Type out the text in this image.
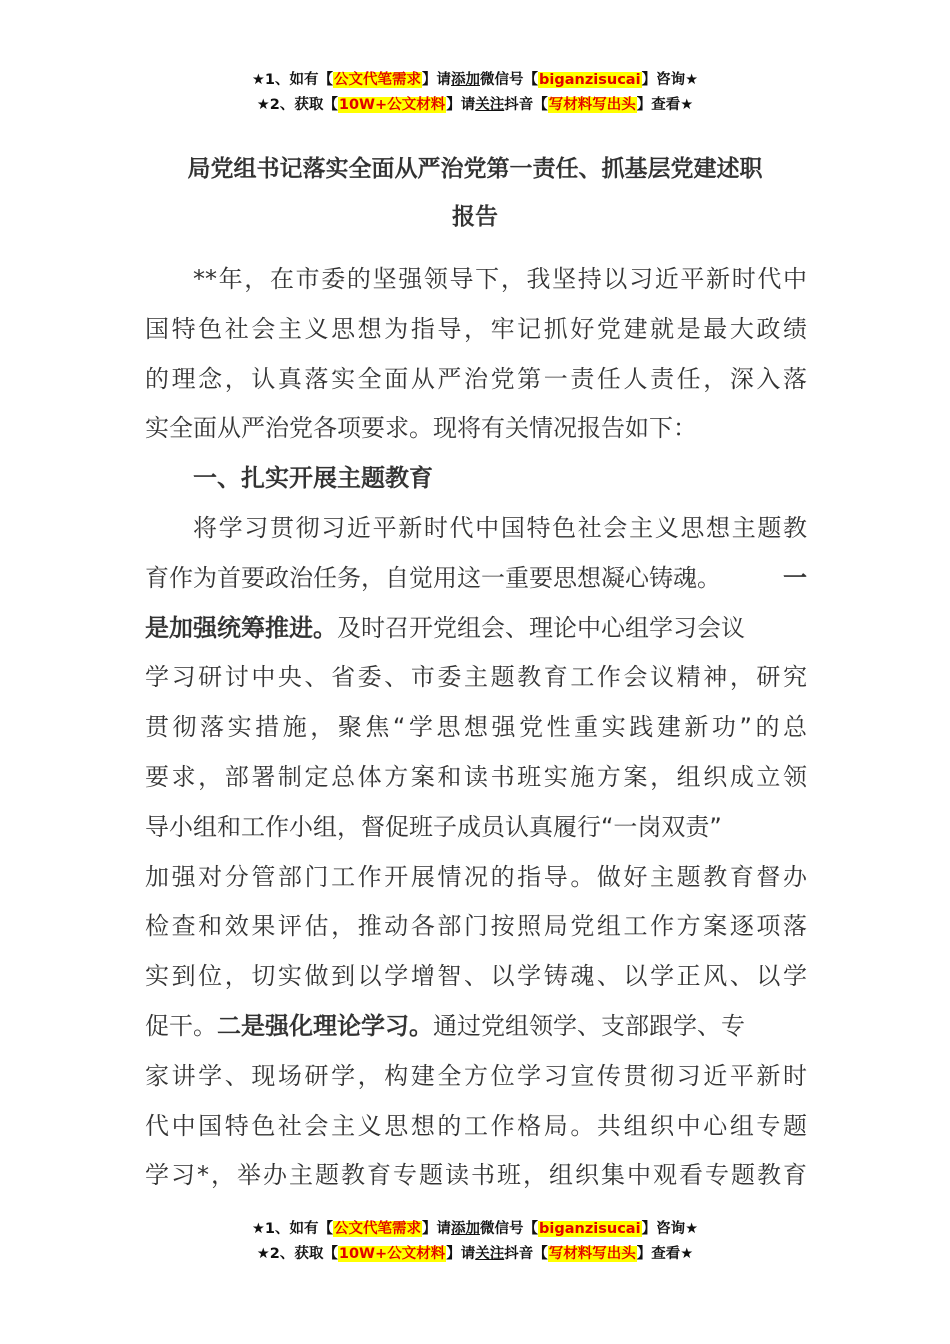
★1、如有【公文代笔需求】请添加微信号【biganzisucai】咨询★
★2、获取【10W+公文材料】请关注抖音【写材料写出头】查看★
局党组书记落实全面从严治党第一责任、抓基层党建述职
报告
**年，在市委的坚强领导下，我坚持以习近平新时代中
国特色社会主义思想为指导，牢记抓好党建就是最大政绩
的理念，认真落实全面从严治党第一责任人责任，深入落
实全面从严治党各项要求。现将有关情况报告如下：
一、扎实开展主题教育
将学习贯彻习近平新时代中国特色社会主义思想主题教
育作为首要政治任务，自觉用这一重要思想凝心铸魂。	一
是加强统筹推进。及时召开党组会、理论中心组学习会议
学习研讨中央、省委、市委主题教育工作会议精神，研究
贯彻落实措施，聚焦“学思想强党性重实践建新功”的总
要求，部署制定总体方案和读书班实施方案，组织成立领
导小组和工作小组，督促班子成员认真履行“一岗双责”
加强对分管部门工作开展情况的指导。做好主题教育督办
检查和效果评估，推动各部门按照局党组工作方案逐项落
实到位，切实做到以学增智、以学铸魂、以学正风、以学
促干。二是强化理论学习。通过党组领学、支部跟学、专
家讲学、现场研学，构建全方位学习宣传贯彻习近平新时
代中国特色社会主义思想的工作格局。共组织中心组专题
学习*，举办主题教育专题读书班，组织集中观看专题教育
★1、如有【公文代笔需求】请添加微信号【biganzisucai】咨询★
★2、获取【10W+公文材料】请关注抖音【写材料写出头】查看★
